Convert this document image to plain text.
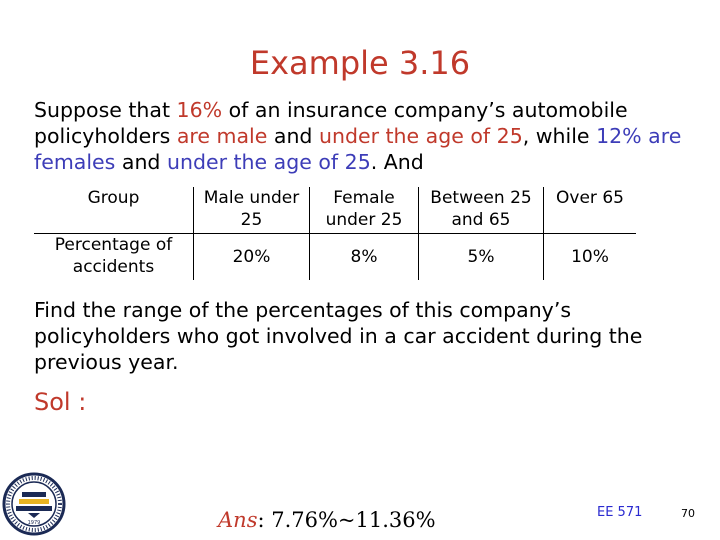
Example 3.16
Suppose that 16% of an insurance company’s automobile policyholders are male and under the age of 25, while 12% are females and under the age of 25. And
Group	Male under 25	Female under 25	Between 25 and 65	Over 65
Percentage of accidents	20%	8%	5%	10%
Find the range of the percentages of this company’s policyholders who got involved in a car accident during the previous year.
Sol :
1979	Ans: 7.76%~11.36%	EE 571	70
